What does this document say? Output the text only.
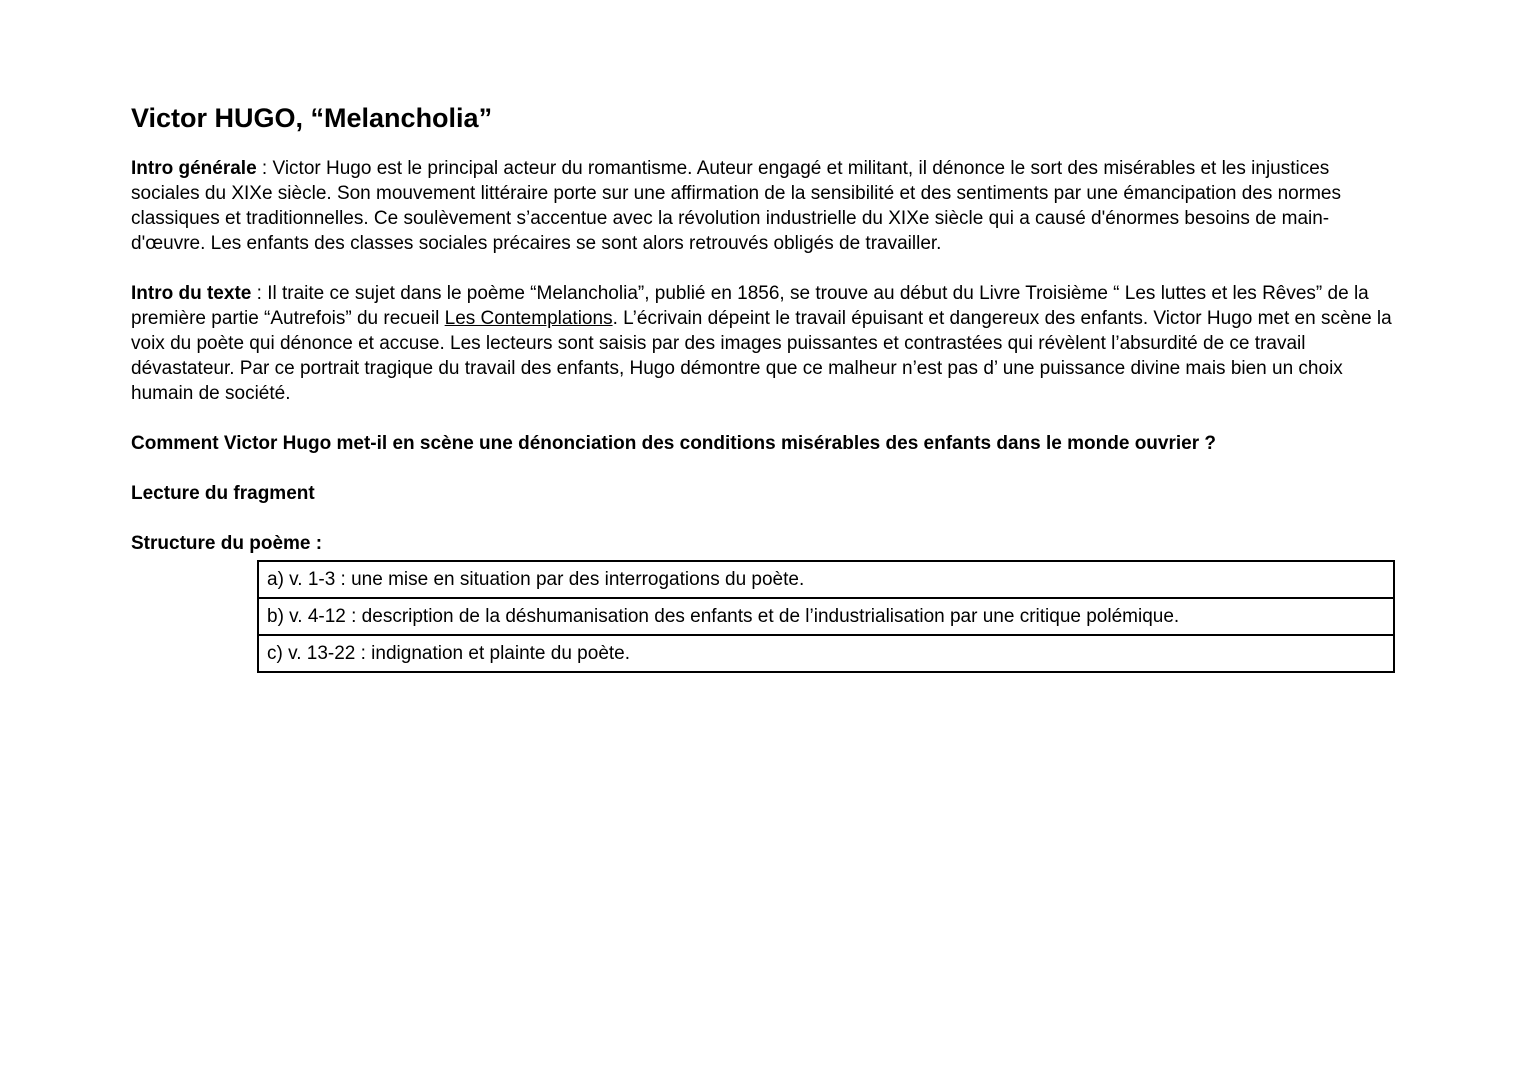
Victor HUGO, “Melancholia”

Intro générale : Victor Hugo est le principal acteur du romantisme. Auteur engagé et militant, il dénonce le sort des misérables et les injustices sociales du XIXe siècle. Son mouvement littéraire porte sur une affirmation de la sensibilité et des sentiments par une émancipation des normes classiques et traditionnelles. Ce soulèvement s’accentue avec la révolution industrielle du XIXe siècle qui a causé d'énormes besoins de main-d'œuvre. Les enfants des classes sociales précaires se sont alors retrouvés obligés de travailler.

Intro du texte : Il traite ce sujet dans le poème “Melancholia”, publié en 1856, se trouve au début du Livre Troisième “ Les luttes et les Rêves” de la première partie “Autrefois” du recueil Les Contemplations. L’écrivain dépeint le travail épuisant et dangereux des enfants. Victor Hugo met en scène la voix du poète qui dénonce et accuse. Les lecteurs sont saisis par des images puissantes et contrastées qui révèlent l’absurdité de ce travail dévastateur. Par ce portrait tragique du travail des enfants, Hugo démontre que ce malheur n’est pas d’ une puissance divine mais bien un choix humain de société.

Comment Victor Hugo met-il en scène une dénonciation des conditions misérables des enfants dans le monde ouvrier ?

Lecture du fragment

Structure du poème :

a) v. 1-3 : une mise en situation par des interrogations du poète.
b) v. 4-12 : description de la déshumanisation des enfants et de l’industrialisation par une critique polémique.
c) v. 13-22 : indignation et plainte du poète.
